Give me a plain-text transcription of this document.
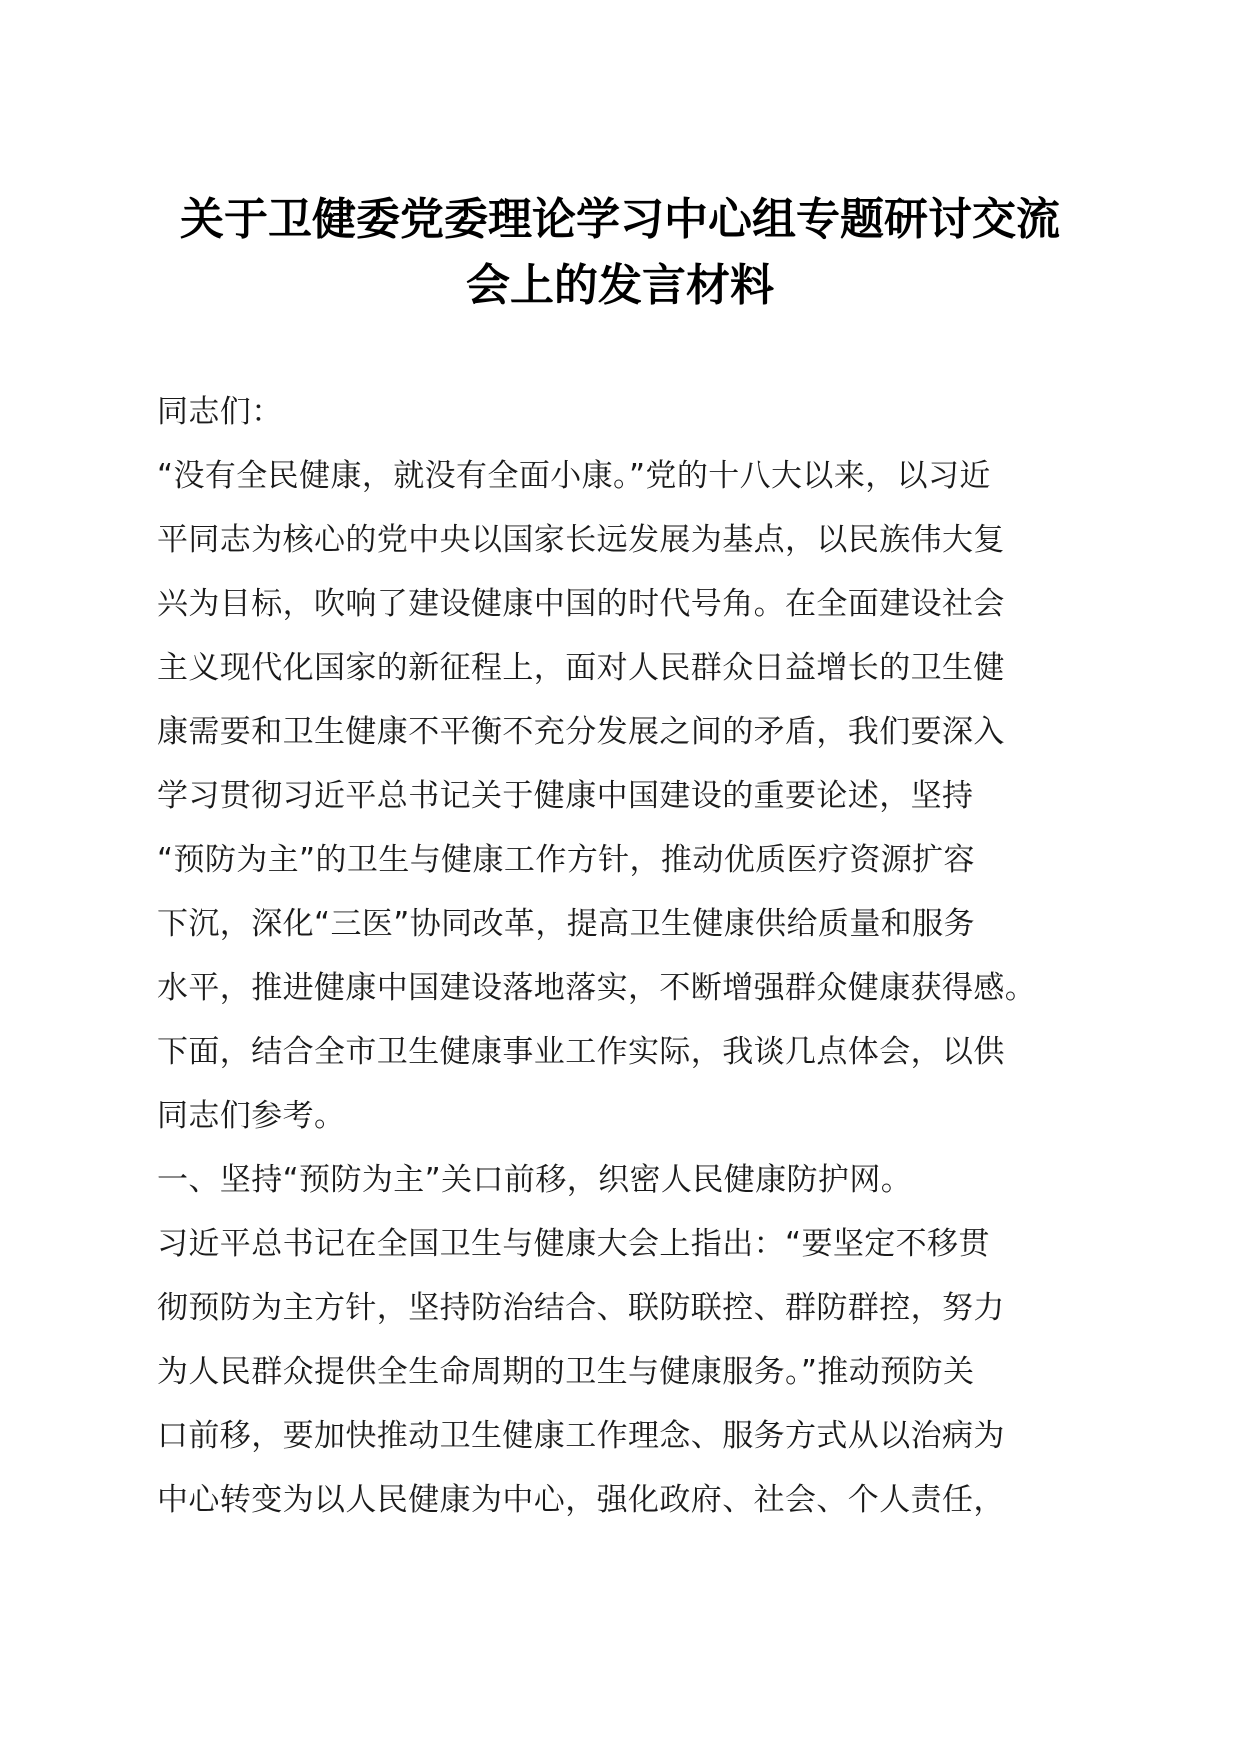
关于卫健委党委理论学习中心组专题研讨交流
会上的发言材料
同志们：
“没有全民健康，就没有全面小康。”党的十八大以来，以习近
平同志为核心的党中央以国家长远发展为基点，以民族伟大复
兴为目标，吹响了建设健康中国的时代号角。在全面建设社会
主义现代化国家的新征程上，面对人民群众日益增长的卫生健
康需要和卫生健康不平衡不充分发展之间的矛盾，我们要深入
学习贯彻习近平总书记关于健康中国建设的重要论述，坚持
“预防为主”的卫生与健康工作方针，推动优质医疗资源扩容
下沉，深化“三医”协同改革，提高卫生健康供给质量和服务
水平，推进健康中国建设落地落实，不断增强群众健康获得感。
下面，结合全市卫生健康事业工作实际，我谈几点体会，以供
同志们参考。
一、坚持“预防为主”关口前移，织密人民健康防护网。
习近平总书记在全国卫生与健康大会上指出：“要坚定不移贯
彻预防为主方针，坚持防治结合、联防联控、群防群控，努力
为人民群众提供全生命周期的卫生与健康服务。”推动预防关
口前移，要加快推动卫生健康工作理念、服务方式从以治病为
中心转变为以人民健康为中心，强化政府、社会、个人责任，
